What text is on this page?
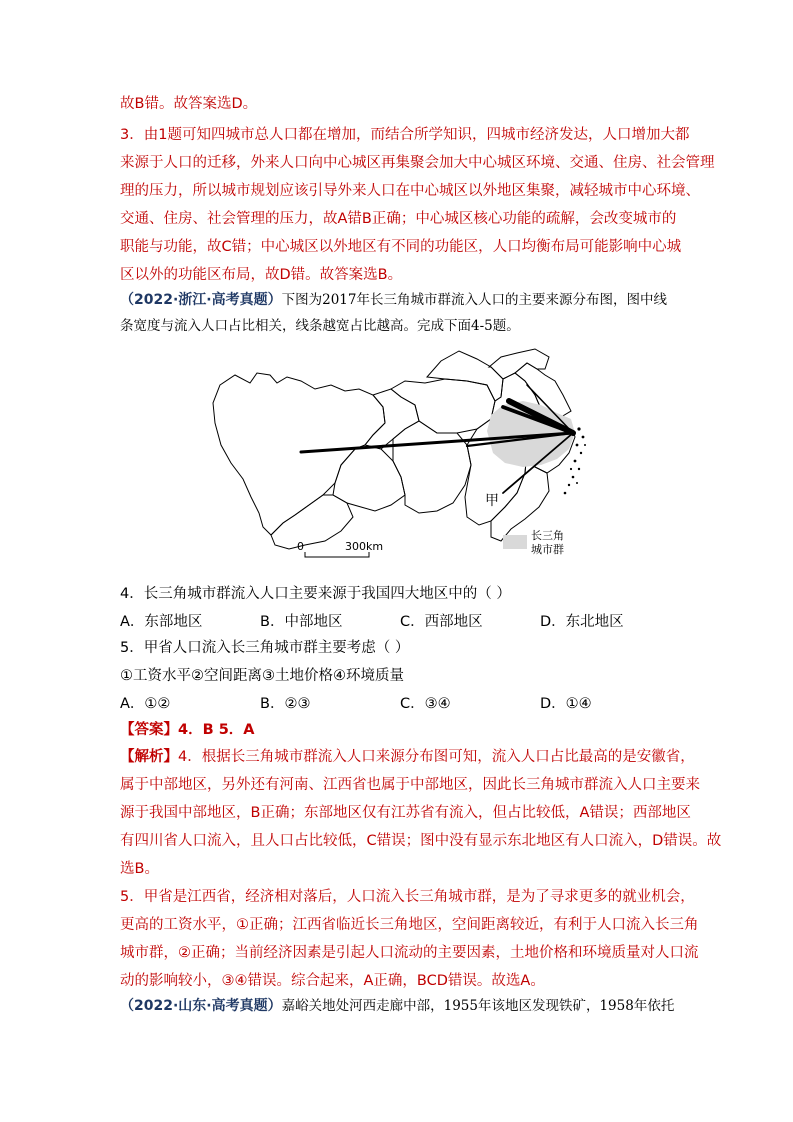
故B错。故答案选D。
3．由1题可知四城市总人口都在增加，而结合所学知识，四城市经济发达，人口增加大都
来源于人口的迁移，外来人口向中心城区再集聚会加大中心城区环境、交通、住房、社会管理
理的压力，所以城市规划应该引导外来人口在中心城区以外地区集聚，减轻城市中心环境、
交通、住房、社会管理的压力，故A错B正确；中心城区核心功能的疏解，会改变城市的
职能与功能，故C错；中心城区以外地区有不同的功能区，人口均衡布局可能影响中心城
区以外的功能区布局，故D错。故答案选B。
（2022·浙江·高考真题）下图为2017年长三角城市群流入人口的主要来源分布图，图中线
条宽度与流入人口占比相关，线条越宽占比越高。完成下面4-5题。
甲
0	300km
长三角
城市群
4．长三角城市群流入人口主要来源于我国四大地区中的（ ）
A．东部地区	B．中部地区	C．西部地区	D．东北地区
5．甲省人口流入长三角城市群主要考虑（ ）
①工资水平②空间距离③土地价格④环境质量
A．①②	B．②③	C．③④	D．①④
【答案】4．B 5．A
【解析】4．根据长三角城市群流入人口来源分布图可知，流入人口占比最高的是安徽省，
属于中部地区，另外还有河南、江西省也属于中部地区，因此长三角城市群流入人口主要来
源于我国中部地区，B正确；东部地区仅有江苏省有流入，但占比较低，A错误；西部地区
有四川省人口流入，且人口占比较低，C错误；图中没有显示东北地区有人口流入，D错误。故
选B。
5．甲省是江西省，经济相对落后，人口流入长三角城市群，是为了寻求更多的就业机会，
更高的工资水平，①正确；江西省临近长三角地区，空间距离较近，有利于人口流入长三角
城市群，②正确；当前经济因素是引起人口流动的主要因素，土地价格和环境质量对人口流
动的影响较小，③④错误。综合起来，A正确，BCD错误。故选A。
（2022·山东·高考真题）嘉峪关地处河西走廊中部，1955年该地区发现铁矿，1958年依托
